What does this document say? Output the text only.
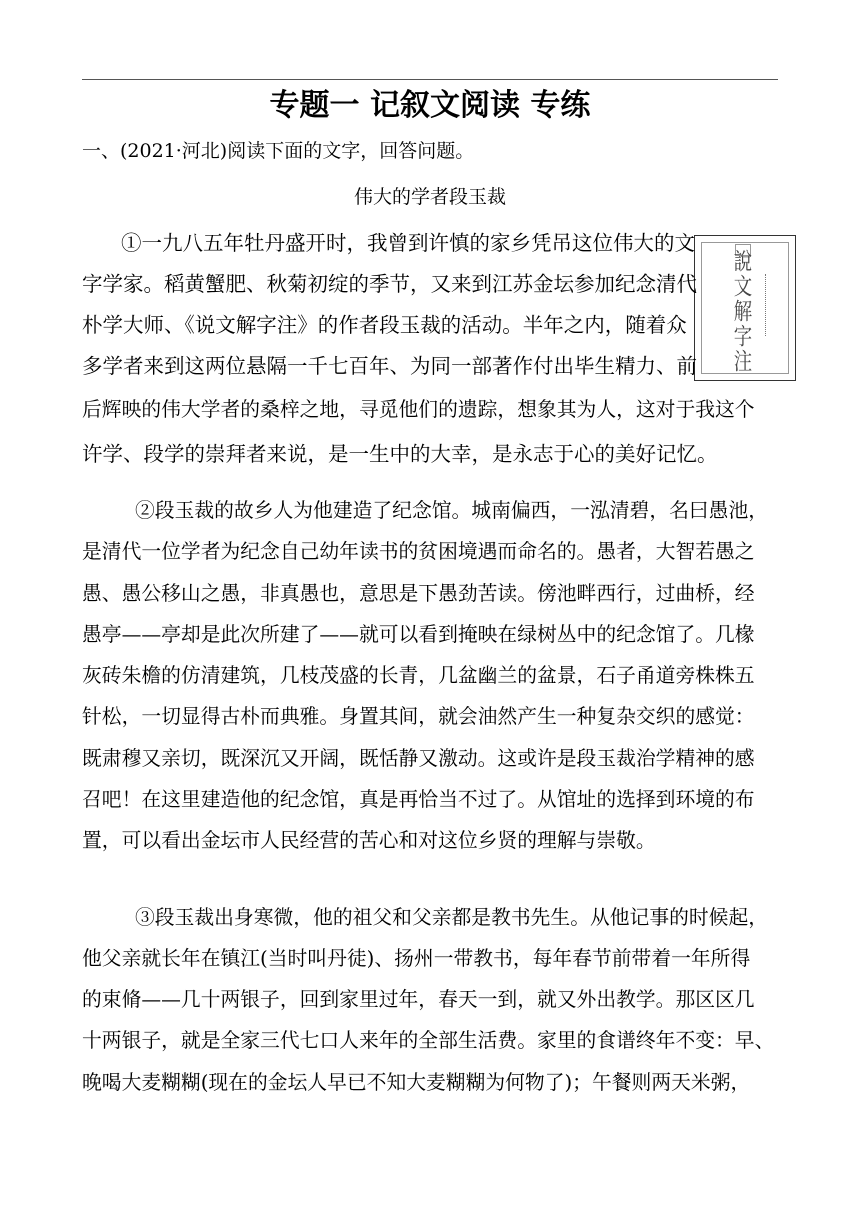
专题一 记叙文阅读 专练
一、(2021·河北)阅读下面的文字，回答问题。
伟大的学者段玉裁
說
文
解
字
注
①一九八五年牡丹盛开时，我曾到许慎的家乡凭吊这位伟大的文
字学家。稻黄蟹肥、秋菊初绽的季节，又来到江苏金坛参加纪念清代
朴学大师、《说文解字注》的作者段玉裁的活动。半年之内，随着众
多学者来到这两位悬隔一千七百年、为同一部著作付出毕生精力、前
后辉映的伟大学者的桑梓之地，寻觅他们的遗踪，想象其为人，这对于我这个
许学、段学的崇拜者来说，是一生中的大幸，是永志于心的美好记忆。
②段玉裁的故乡人为他建造了纪念馆。城南偏西，一泓清碧，名曰愚池，
是清代一位学者为纪念自己幼年读书的贫困境遇而命名的。愚者，大智若愚之
愚、愚公移山之愚，非真愚也，意思是下愚劲苦读。傍池畔西行，过曲桥，经
愚亭——亭却是此次所建了——就可以看到掩映在绿树丛中的纪念馆了。几椽
灰砖朱檐的仿清建筑，几枝茂盛的长青，几盆幽兰的盆景，石子甬道旁株株五
针松，一切显得古朴而典雅。身置其间，就会油然产生一种复杂交织的感觉：
既肃穆又亲切，既深沉又开阔，既恬静又激动。这或许是段玉裁治学精神的感
召吧！在这里建造他的纪念馆，真是再恰当不过了。从馆址的选择到环境的布
置，可以看出金坛市人民经营的苦心和对这位乡贤的理解与崇敬。
③段玉裁出身寒微，他的祖父和父亲都是教书先生。从他记事的时候起，
他父亲就长年在镇江(当时叫丹徒)、扬州一带教书，每年春节前带着一年所得
的束脩——几十两银子，回到家里过年，春天一到，就又外出教学。那区区几
十两银子，就是全家三代七口人来年的全部生活费。家里的食谱终年不变：早、
晚喝大麦糊糊(现在的金坛人早已不知大麦糊糊为何物了)；午餐则两天米粥，
